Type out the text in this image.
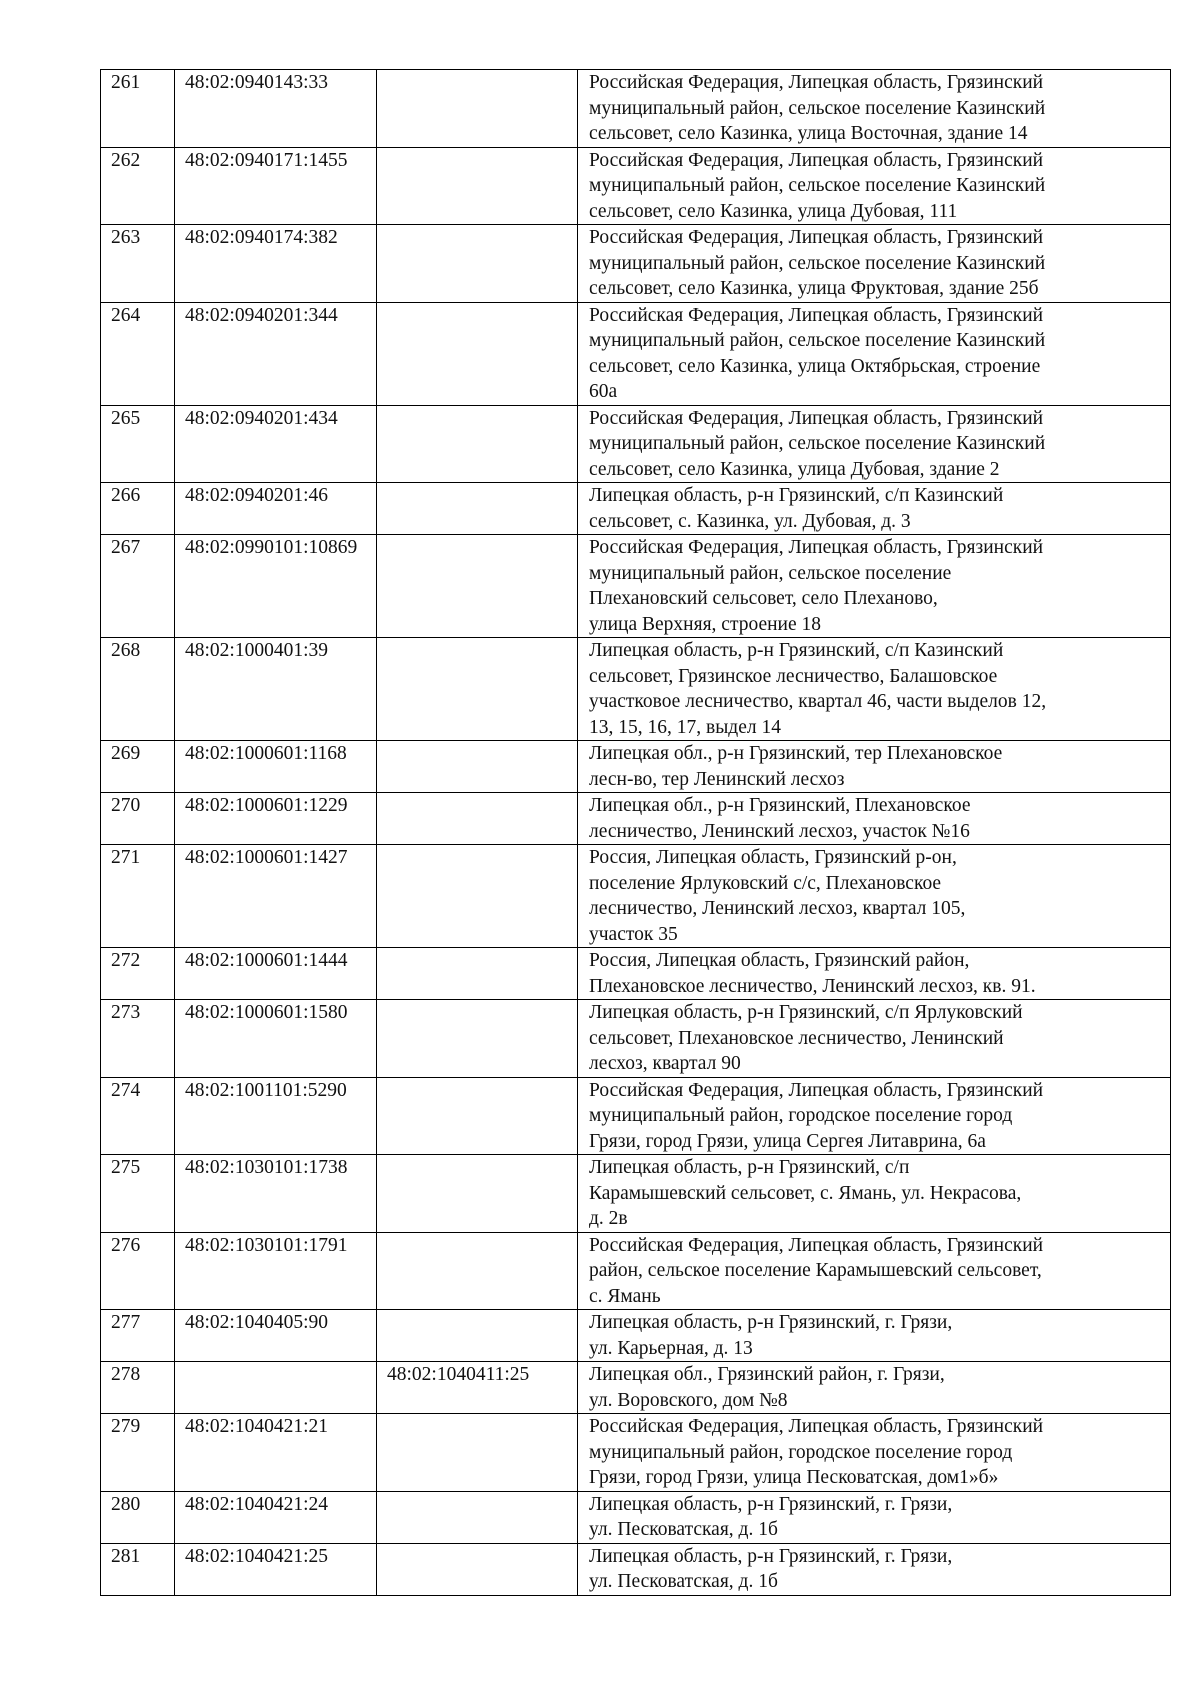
261	48:02:0940143:33		Российская Федерация, Липецкая область, Грязинский
муниципальный район, сельское поселение Казинский
сельсовет, село Казинка, улица Восточная, здание 14

262	48:02:0940171:1455		Российская Федерация, Липецкая область, Грязинский
муниципальный район, сельское поселение Казинский
сельсовет, село Казинка, улица Дубовая, 111

263	48:02:0940174:382		Российская Федерация, Липецкая область, Грязинский
муниципальный район, сельское поселение Казинский
сельсовет, село Казинка, улица Фруктовая, здание 25б

264	48:02:0940201:344		Российская Федерация, Липецкая область, Грязинский
муниципальный район, сельское поселение Казинский
сельсовет, село Казинка, улица Октябрьская, строение
60а

265	48:02:0940201:434		Российская Федерация, Липецкая область, Грязинский
муниципальный район, сельское поселение Казинский
сельсовет, село Казинка, улица Дубовая, здание 2

266	48:02:0940201:46		Липецкая область, р-н Грязинский, с/п Казинский
сельсовет, с. Казинка, ул. Дубовая, д. 3

267	48:02:0990101:10869		Российская Федерация, Липецкая область, Грязинский
муниципальный район, сельское поселение
Плехановский сельсовет, село Плеханово,
улица Верхняя, строение 18

268	48:02:1000401:39		Липецкая область, р-н Грязинский, с/п Казинский
сельсовет, Грязинское лесничество, Балашовское
участковое лесничество, квартал 46, части выделов 12,
13, 15, 16, 17, выдел 14

269	48:02:1000601:1168		Липецкая обл., р-н Грязинский, тер Плехановское
лесн-во, тер Ленинский лесхоз

270	48:02:1000601:1229		Липецкая обл., р-н Грязинский, Плехановское
лесничество, Ленинский лесхоз, участок №16

271	48:02:1000601:1427		Россия, Липецкая область, Грязинский р-он,
поселение Ярлуковский с/с, Плехановское
лесничество, Ленинский лесхоз, квартал 105,
участок 35

272	48:02:1000601:1444		Россия, Липецкая область, Грязинский район,
Плехановское лесничество, Ленинский лесхоз, кв. 91.

273	48:02:1000601:1580		Липецкая область, р-н Грязинский, с/п Ярлуковский
сельсовет, Плехановское лесничество, Ленинский
лесхоз, квартал 90

274	48:02:1001101:5290		Российская Федерация, Липецкая область, Грязинский
муниципальный район, городское поселение город
Грязи, город Грязи, улица Сергея Литаврина, 6а

275	48:02:1030101:1738		Липецкая область, р-н Грязинский, с/п
Карамышевский сельсовет, с. Ямань, ул. Некрасова,
д. 2в

276	48:02:1030101:1791		Российская Федерация, Липецкая область, Грязинский
район, сельское поселение Карамышевский сельсовет,
с. Ямань

277	48:02:1040405:90		Липецкая область, р-н Грязинский, г. Грязи,
ул. Карьерная, д. 13

278		48:02:1040411:25	Липецкая обл., Грязинский район, г. Грязи,
ул. Воровского, дом №8

279	48:02:1040421:21		Российская Федерация, Липецкая область, Грязинский
муниципальный район, городское поселение город
Грязи, город Грязи, улица Песковатская, дом1»б»

280	48:02:1040421:24		Липецкая область, р-н Грязинский, г. Грязи,
ул. Песковатская, д. 1б

281	48:02:1040421:25		Липецкая область, р-н Грязинский, г. Грязи,
ул. Песковатская, д. 1б
